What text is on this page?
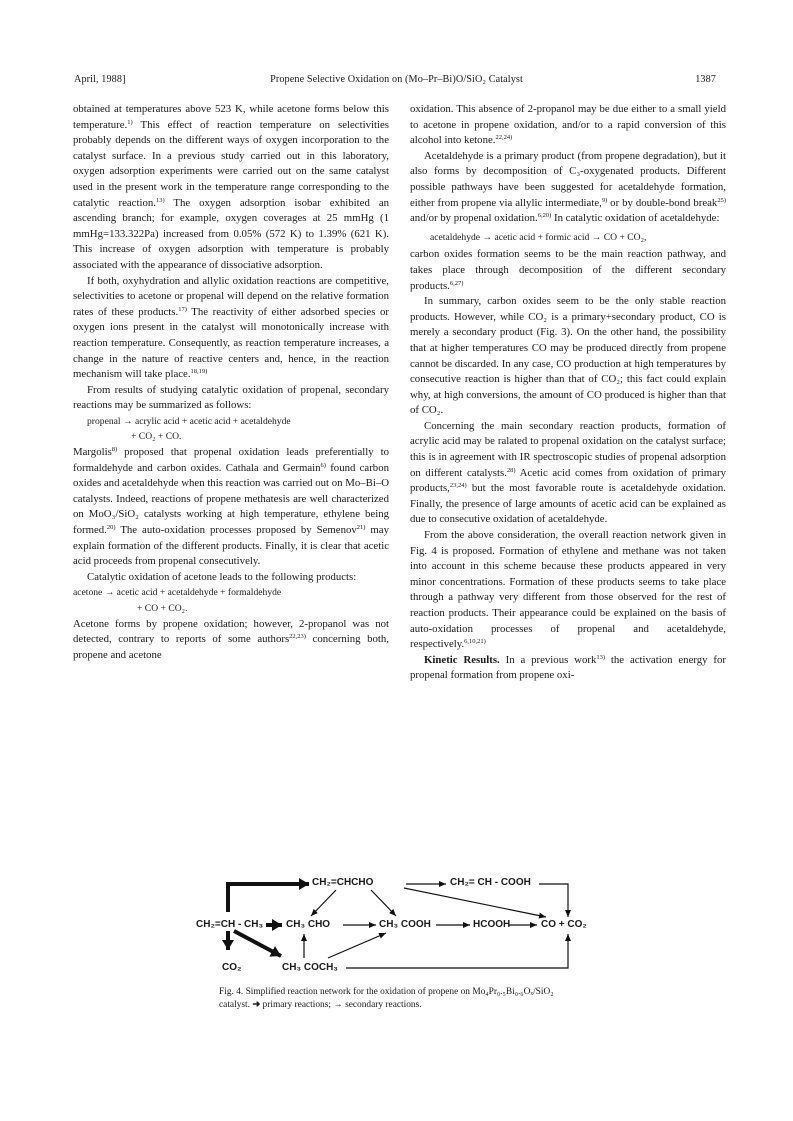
April, 1988]	Propene Selective Oxidation on (Mo–Pr–Bi)O/SiO₂ Catalyst	1387

obtained at temperatures above 523 K, while acetone forms below this temperature.$^{1)}$ This effect of reaction temperature on selectivities probably depends on the different ways of oxygen incorporation to the catalyst surface. In a previous study carried out in this laboratory, oxygen adsorption experiments were carried out on the same catalyst used in the present work in the temperature range corresponding to the catalytic reaction.$^{13)}$ The oxygen adsorption isobar exhibited an ascending branch; for example, oxygen coverages at 25 mmHg (1 mmHg=133.322Pa) increased from 0.05% (572 K) to 1.39% (621 K). This increase of oxygen adsorption with temperature is probably associated with the appearance of dissociative adsorption.

If both, oxyhydration and allylic oxidation reactions are competitive, selectivities to acetone or propenal will depend on the relative formation rates of these products.$^{17)}$ The reactivity of either adsorbed species or oxygen ions present in the catalyst will monotonically increase with reaction temperature. Consequently, as reaction temperature increases, a change in the nature of reactive centers and, hence, in the reaction mechanism will take place.$^{18,19)}$

From results of studying catalytic oxidation of propenal, secondary reactions may be summarized as follows:

propenal → acrylic acid + acetic acid + acetaldehyde

+ CO₂ + CO.

Margolis$^{8)}$ proposed that propenal oxidation leads preferentially to formaldehyde and carbon oxides. Cathala and Germain$^{6)}$ found carbon oxides and acetaldehyde when this reaction was carried out on Mo–Bi–O catalysts. Indeed, reactions of propene methatesis are well characterized on MoO₃/SiO₂ catalysts working at high temperature, ethylene being formed.$^{20)}$ The auto-oxidation processes proposed by Semenov$^{21)}$ may explain formation of the different products. Finally, it is clear that acetic acid proceeds from propenal consecutively.

Catalytic oxidation of acetone leads to the following products:

acetone → acetic acid + acetaldehyde + formaldehyde

+ CO + CO₂.

Acetone forms by propene oxidation; however, 2-propanol was not detected, contrary to reports of some authors$^{22,23)}$ concerning both, propene and acetone

oxidation. This absence of 2-propanol may be due either to a small yield to acetone in propene oxidation, and/or to a rapid conversion of this alcohol into ketone.$^{22,24)}$

Acetaldehyde is a primary product (from propene degradation), but it also forms by decomposition of C₃-oxygenated products. Different possible pathways have been suggested for acetaldehyde formation, either from propene via allylic intermediate,$^{9)}$ or by double-bond break$^{25)}$ and/or by propenal oxidation.$^{6,20)}$ In catalytic oxidation of acetaldehyde:

acetaldehyde → acetic acid + formic acid → CO + CO₂,

carbon oxides formation seems to be the main reaction pathway, and takes place through decomposition of the different secondary products.$^{6,27)}$

In summary, carbon oxides seem to be the only stable reaction products. However, while CO₂ is a primary+secondary product, CO is merely a secondary product (Fig. 3). On the other hand, the possibility that at higher temperatures CO may be produced directly from propene cannot be discarded. In any case, CO production at high temperatures by consecutive reaction is higher than that of CO₂; this fact could explain why, at high conversions, the amount of CO produced is higher than that of CO₂.

Concerning the main secondary reaction products, formation of acrylic acid may be ralated to propenal oxidation on the catalyst surface; this is in agreement with IR spectroscopic studies of propenal adsorption on different catalysts.$^{28)}$ Acetic acid comes from oxidation of primary products,$^{23,24)}$ but the most favorable route is acetaldehyde oxidation. Finally, the presence of large amounts of acetic acid can be explained as due to consecutive oxidation of acetaldehyde.

From the above consideration, the overall reaction network given in Fig. 4 is proposed. Formation of ethylene and methane was not taken into account in this scheme because these products appeared in very minor concentrations. Formation of these products seems to take place through a pathway very different from those observed for the rest of reaction products. Their appearance could be explained on the basis of auto-oxidation processes of propenal and acetaldehyde, respectively.$^{6,10,21)}$

Kinetic Results. In a previous work$^{13)}$ the activation energy for propenal formation from propene oxi-

CH₂=CHCHO	CH₂= CH - COOH
CH₂=CH - CH₃ CH₃ CHO	CH₃ COOH	HCOOH	CO + CO₂
CO₂	CH₃ COCH₃
Fig. 4. Simplified reaction network for the oxidation of propene on Mo₄Pr₀.₅Bi₀.₆Oₓ/SiO₂ catalyst. ➜ primary reactions; → secondary reactions.
